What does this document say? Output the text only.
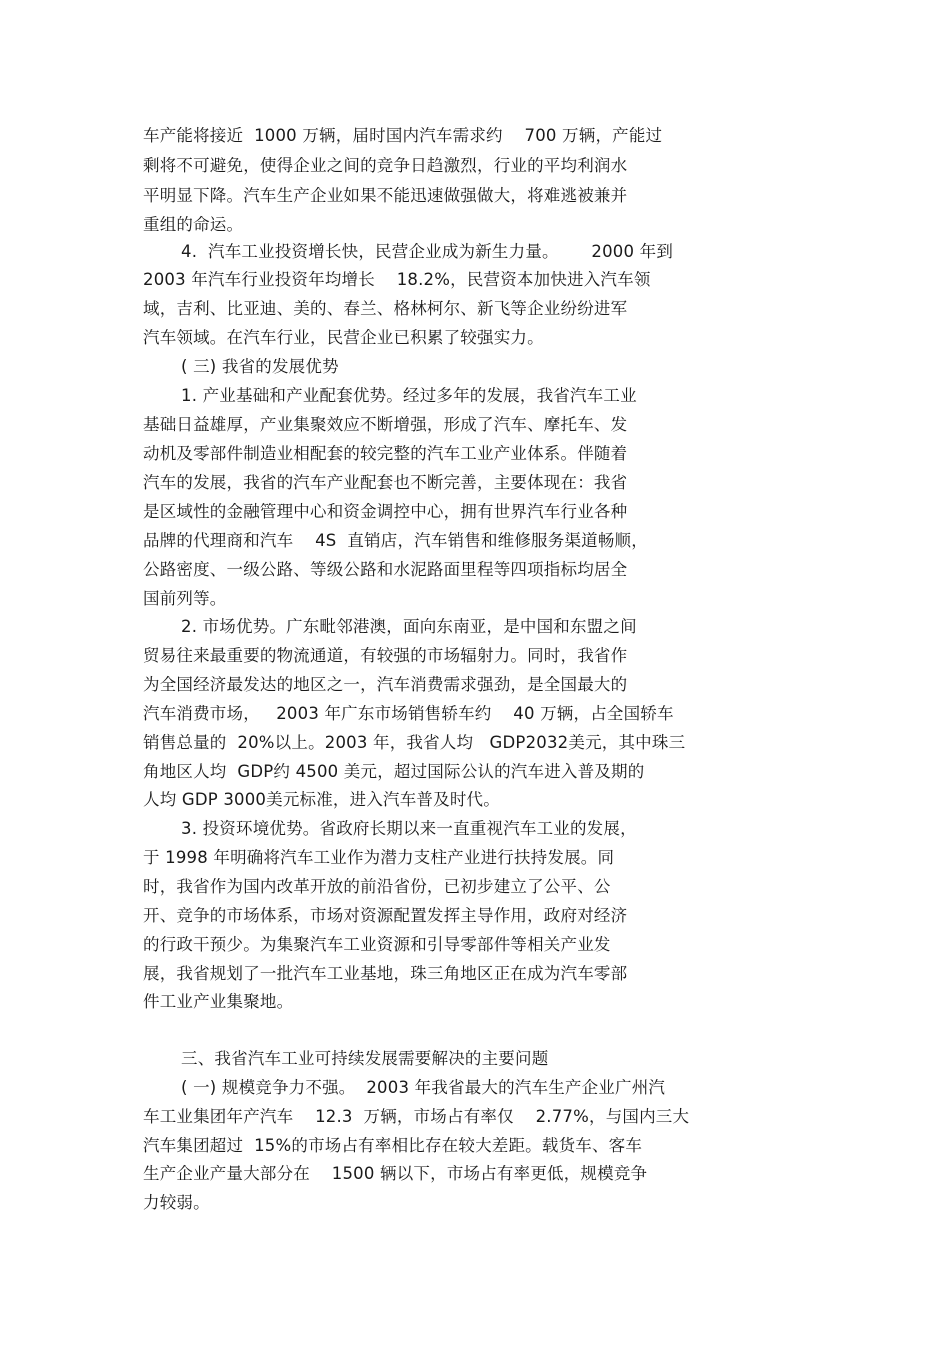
车产能将接近  1000 万辆，届时国内汽车需求约    700 万辆，产能过
剩将不可避免，使得企业之间的竞争日趋激烈，行业的平均利润水
平明显下降。汽车生产企业如果不能迅速做强做大，将难逃被兼并
重组的命运。
4.  汽车工业投资增长快，民营企业成为新生力量。      2000 年到
2003 年汽车行业投资年均增长    18.2%，民营资本加快进入汽车领
域，吉利、比亚迪、美的、春兰、格林柯尔、新飞等企业纷纷进军
汽车领域。在汽车行业，民营企业已积累了较强实力。
( 三) 我省的发展优势
1. 产业基础和产业配套优势。经过多年的发展，我省汽车工业
基础日益雄厚，产业集聚效应不断增强，形成了汽车、摩托车、发
动机及零部件制造业相配套的较完整的汽车工业产业体系。伴随着
汽车的发展，我省的汽车产业配套也不断完善，主要体现在：我省
是区域性的金融管理中心和资金调控中心，拥有世界汽车行业各种
品牌的代理商和汽车    4S  直销店，汽车销售和维修服务渠道畅顺，
公路密度、一级公路、等级公路和水泥路面里程等四项指标均居全
国前列等。
2. 市场优势。广东毗邻港澳，面向东南亚，是中国和东盟之间
贸易往来最重要的物流通道，有较强的市场辐射力。同时，我省作
为全国经济最发达的地区之一，汽车消费需求强劲，是全国最大的
汽车消费市场，   2003 年广东市场销售轿车约    40 万辆，占全国轿车
销售总量的  20%以上。2003 年，我省人均   GDP2032美元，其中珠三
角地区人均  GDP约 4500 美元，超过国际公认的汽车进入普及期的
人均 GDP 3000美元标准，进入汽车普及时代。
3. 投资环境优势。省政府长期以来一直重视汽车工业的发展，
于 1998 年明确将汽车工业作为潜力支柱产业进行扶持发展。同
时，我省作为国内改革开放的前沿省份，已初步建立了公平、公
开、竞争的市场体系，市场对资源配置发挥主导作用，政府对经济
的行政干预少。为集聚汽车工业资源和引导零部件等相关产业发
展，我省规划了一批汽车工业基地，珠三角地区正在成为汽车零部
件工业产业集聚地。
三、我省汽车工业可持续发展需要解决的主要问题
( 一) 规模竞争力不强。  2003 年我省最大的汽车生产企业广州汽
车工业集团年产汽车    12.3  万辆，市场占有率仅    2.77%，与国内三大
汽车集团超过  15%的市场占有率相比存在较大差距。载货车、客车
生产企业产量大部分在    1500 辆以下，市场占有率更低，规模竞争
力较弱。
